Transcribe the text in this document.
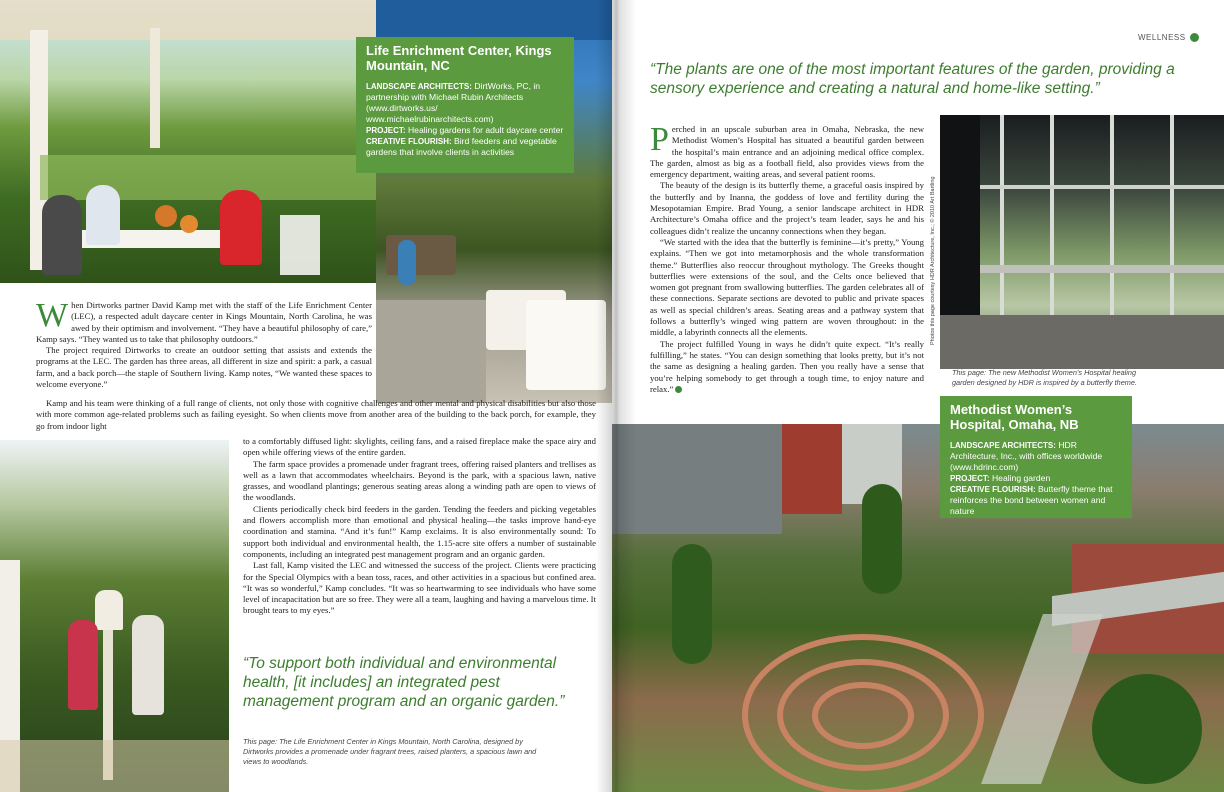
Life Enrichment Center, Kings Mountain, NC
LANDSCAPE ARCHITECTS: DirtWorks, PC, in partnership with Michael Rubin Architects (www.dirtworks.us/ www.michaelrubinarchitects.com)
PROJECT: Healing gardens for adult daycare center
CREATIVE FLOURISH: Bird feeders and vegetable gardens that involve clients in activities

When Dirtworks partner David Kamp met with the staff of the Life Enrichment Center (LEC), a respected adult daycare center in Kings Mountain, North Carolina, he was awed by their optimism and involvement. “They have a beautiful philosophy of care,” Kamp says. “They wanted us to take that philosophy outdoors.”

The project required Dirtworks to create an outdoor setting that assists and extends the programs at the LEC. The garden has three areas, all different in size and spirit: a park, a casual farm, and a back porch—the staple of Southern living. Kamp notes, “We wanted these spaces to welcome everyone.”

Kamp and his team were thinking of a full range of clients, not only those with cognitive challenges and other mental and physical disabilities but also those with more common age-related problems such as failing eyesight. So when clients move from another area of the building to the back porch, for example, they go from indoor light

to a comfortably diffused light: skylights, ceiling fans, and a raised fireplace make the space airy and open while offering views of the entire garden.

The farm space provides a promenade under fragrant trees, offering raised planters and trellises as well as a lawn that accommodates wheelchairs. Beyond is the park, with a spacious lawn, native grasses, and woodland plantings; generous seating areas along a winding path are open to views of the woodlands.

Clients periodically check bird feeders in the garden. Tending the feeders and picking vegetables and flowers accomplish more than emotional and physical healing—the tasks improve hand-eye coordination and stamina. “And it’s fun!” Kamp exclaims. It is also environmentally sound: To support both individual and environmental health, the 1.15-acre site offers a number of sustainable components, including an integrated pest management program and an organic garden.

Last fall, Kamp visited the LEC and witnessed the success of the project. Clients were practicing for the Special Olympics with a bean toss, races, and other activities in a spacious but confined area. “It was so wonderful,” Kamp concludes. “It was so heartwarming to see individuals who have some level of incapacitation but are so free. They were all a team, laughing and having a marvelous time. It brought tears to my eyes.”

“To support both individual and environmental health, [it includes] an integrated pest management program and an organic garden.”
This page: The Life Enrichment Center in Kings Mountain, North Carolina, designed by Dirtworks provides a promenade under fragrant trees, raised planters, a spacious lawn and views to woodlands.
WELLNESS
“The plants are one of the most important features of the garden, providing a sensory experience and creating a natural and home-like setting.”

Perched in an upscale suburban area in Omaha, Nebraska, the new Methodist Women’s Hospital has situated a beautiful garden between the hospital’s main entrance and an adjoining medical office complex. The garden, almost as big as a football field, also provides views from the emergency department, waiting areas, and several patient rooms.

The beauty of the design is its butterfly theme, a graceful oasis inspired by the butterfly and by Inanna, the goddess of love and fertility during the Mesopotamian Empire. Brad Young, a senior landscape architect in HDR Architecture’s Omaha office and the project’s team leader, says he and his colleagues didn’t realize the uncanny connections when they began.

“We started with the idea that the butterfly is feminine—it’s pretty,” Young explains. “Then we got into metamorphosis and the whole transformation theme.” Butterflies also reoccur throughout mythology. The Greeks thought butterflies were extensions of the soul, and the Celts once believed that women got pregnant from swallowing butterflies. The garden celebrates all of these connections. Separate sections are devoted to public and private spaces as well as special children’s areas. Seating areas and a pathway system that follows a butterfly’s winged wing pattern are woven throughout: in the middle, a labyrinth connects all the elements.

The project fulfilled Young in ways he didn’t quite expect. “It’s really fulfilling,” he states. “You can design something that looks pretty, but it’s not the same as designing a healing garden. Then you really have a sense that you’re helping somebody to get through a tough time, to enjoy nature and relax.”

Photos this page courtesy HDR Architecture, Inc.; © 2010 Art Bartling
This page: The new Methodist Women’s Hospital healing garden designed by HDR is inspired by a butterfly theme.
Methodist Women’s Hospital, Omaha, NB
LANDSCAPE ARCHITECTS: HDR Architecture, Inc., with offices worldwide (www.hdrinc.com)
PROJECT: Healing garden
CREATIVE FLOURISH: Butterfly theme that reinforces the bond between women and nature
